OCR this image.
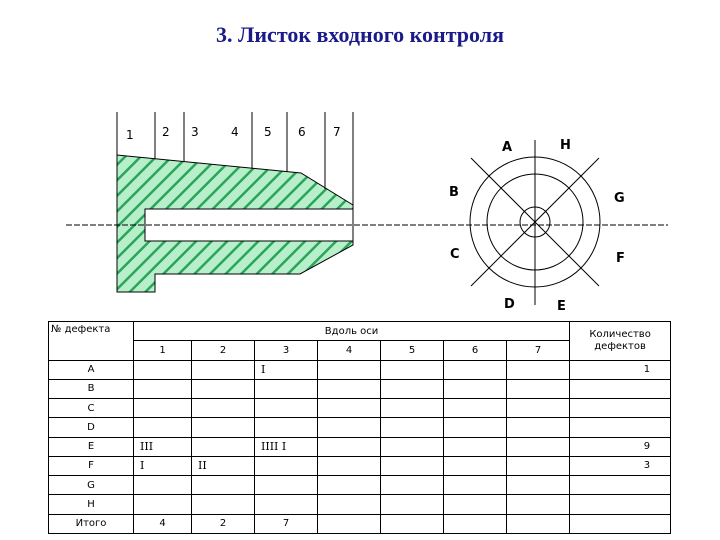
3. Листок входного контроля
1 2 3	4 5 6 7
A	H
B	G
C	F
D	E
№ дефекта	Вдоль оси							Количество дефектов
	1	2	3	4	5	6	7	
A			I					1
B								
C								
D								
E	III		IIII I					9
F	I	II						3
G								
H								
Итого	4	2	7					
